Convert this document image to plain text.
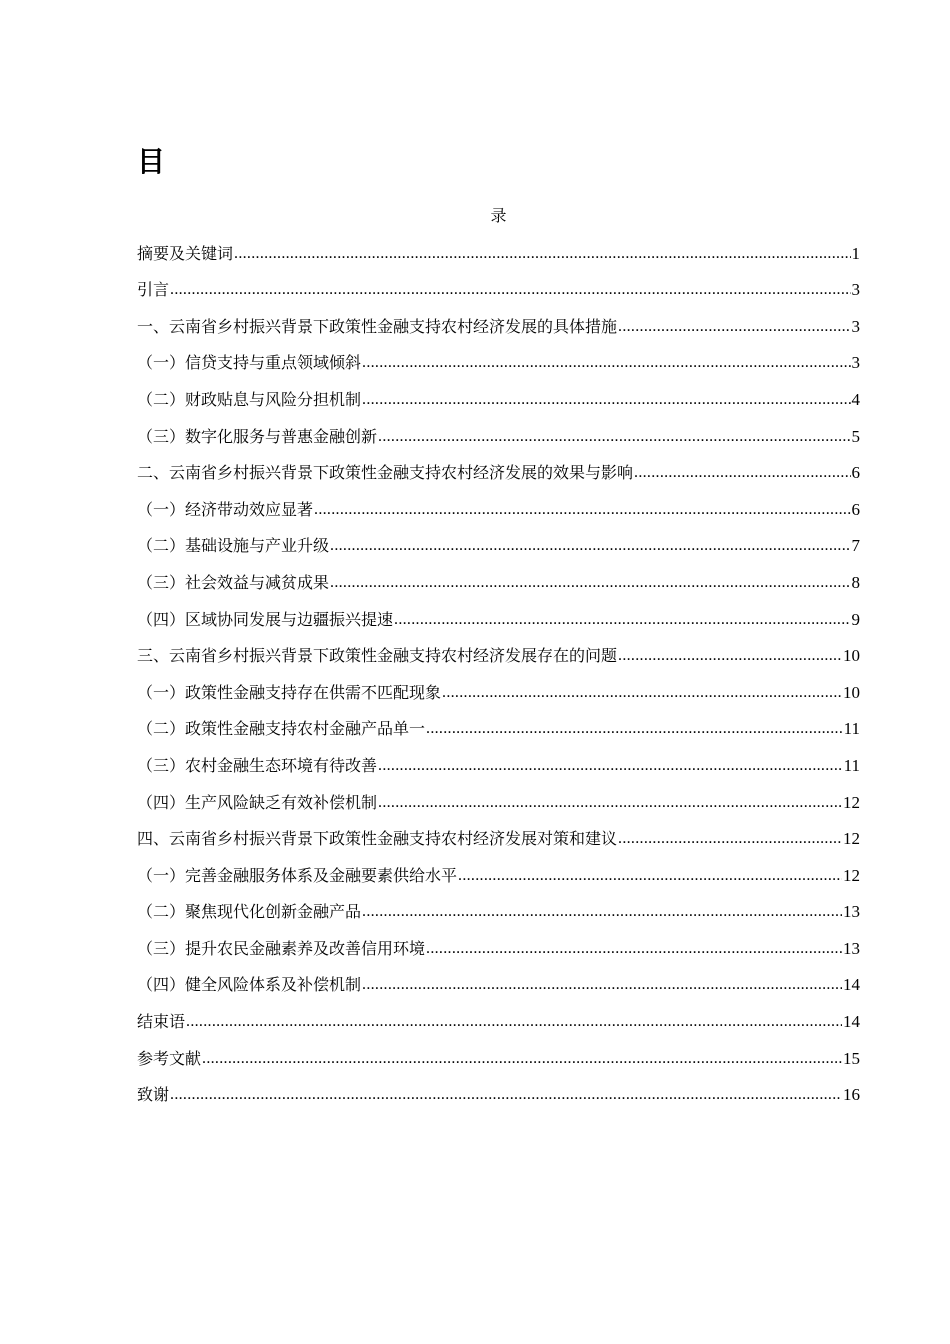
目
录
摘要及关键词 .....	1
引言 .....	3
一、云南省乡村振兴背景下政策性金融支持农村经济发展的具体措施 .....	3
（一）信贷支持与重点领域倾斜 .....	3
（二）财政贴息与风险分担机制 .....	4
（三）数字化服务与普惠金融创新 .....	5
二、云南省乡村振兴背景下政策性金融支持农村经济发展的效果与影响 .....	6
（一）经济带动效应显著 .....	6
（二）基础设施与产业升级 .....	7
（三）社会效益与减贫成果 .....	8
（四）区域协同发展与边疆振兴提速 .....	9
三、云南省乡村振兴背景下政策性金融支持农村经济发展存在的问题 .....	10
（一）政策性金融支持存在供需不匹配现象 .....	10
（二）政策性金融支持农村金融产品单一 .....	11
（三）农村金融生态环境有待改善 .....	11
（四）生产风险缺乏有效补偿机制 .....	12
四、云南省乡村振兴背景下政策性金融支持农村经济发展对策和建议 .....	12
（一）完善金融服务体系及金融要素供给水平 .....	12
（二）聚焦现代化创新金融产品 .....	13
（三）提升农民金融素养及改善信用环境 .....	13
（四）健全风险体系及补偿机制 .....	14
结束语 .....	14
参考文献 .....	15
致谢 .....	16
